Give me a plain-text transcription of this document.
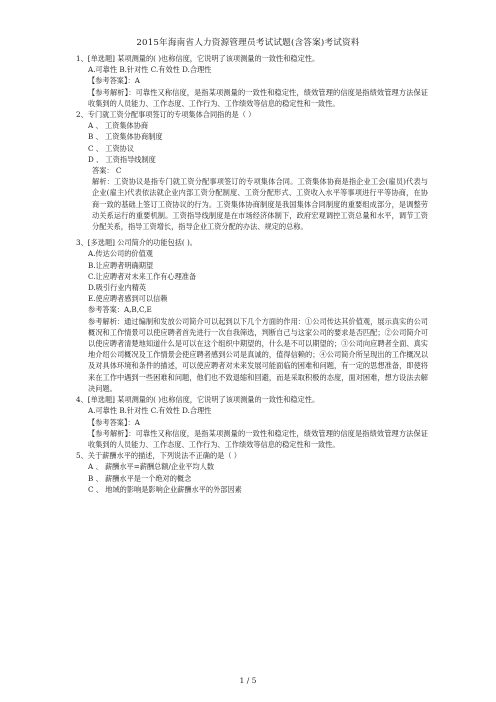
2015年海南省人力资源管理员考试试题(含答案)考试资料
1、[单选题] 某项测量的( )也称信度，它说明了该项测量的一致性和稳定性。
A.可靠性 B.针对性 C.有效性 D.合理性
【参考答案】：A
【参考解析】：可靠性又称信度，是指某项测量的一致性和稳定性，绩效管理的信度是指绩效管理方法保证收集到的人员能力、工作态度、工作行为、工作绩效等信息的稳定性和一致性。
2、专门就工资分配事项签订的专项集体合同指的是（ ）
A 、 工资集体协商
B 、 工资集体协商制度
C 、 工资协议
D 、 工资指导线制度
答案： C
解析：工资协议是指专门就工资分配事项签订的专项集体合同。工资集体协商是指企业工会(雇员)代表与企业(雇主)代表依法就企业内部工资分配制度、工资分配形式、工资收入水平等事项进行平等协商，在协商一致的基础上签订工资协议的行为。工资集体协商制度是我国集体合同制度的重要组成部分，是调整劳动关系运行的重要机制。工资指导线制度是在市场经济体制下，政府宏观调控工资总量和水平，调节工资分配关系，指导工资增长，指导企业工资分配的办法、规定的总称。
3、[多选题] 公司简介的功能包括( )。
A.传达公司的价值观
B.让应聘者明确期望
C.让应聘者对未来工作有心理准备
D.吸引行业内精英
E.使应聘者感到可以信赖
参考答案：A,B,C,E
参考解析：通过编制和发放公司简介可以起到以下几个方面的作用：①公司传达其价值观，展示真实的公司概况和工作情景可以使应聘者首先进行一次自我筛选，判断自己与这家公司的要求是否匹配；②公司简介可以使应聘者清楚地知道什么是可以在这个组织中期望的，什么是不可以期望的；③公司向应聘者全面、真实地介绍公司概况及工作情景会使应聘者感到公司是真诚的，值得信赖的；④公司简介所呈现出的工作概况以及对具体环境和条件的描述，可以使应聘者对未来发展可能面临的困难和问题，有一定的思想准备，即使将来在工作中遇到一些困难和问题，他们也不致退缩和回避，而是采取积极的态度，面对困难，想方设法去解决问题。
4、[单选题] 某项测量的( )也称信度，它说明了该项测量的一致性和稳定性。
A.可靠性 B.针对性 C.有效性 D.合理性
【参考答案】：A
【参考解析】：可靠性又称信度，是指某项测量的一致性和稳定性，绩效管理的信度是指绩效管理方法保证收集到的人员能力、工作态度、工作行为、工作绩效等信息的稳定性和一致性。
5、关于薪酬水平的描述，下列说法不正确的是（ ）
A 、 薪酬水平=薪酬总额/企业平均人数
B 、 薪酬水平是一个绝对的概念
C 、 地域的影响是影响企业薪酬水平的外部因素
1 / 5
